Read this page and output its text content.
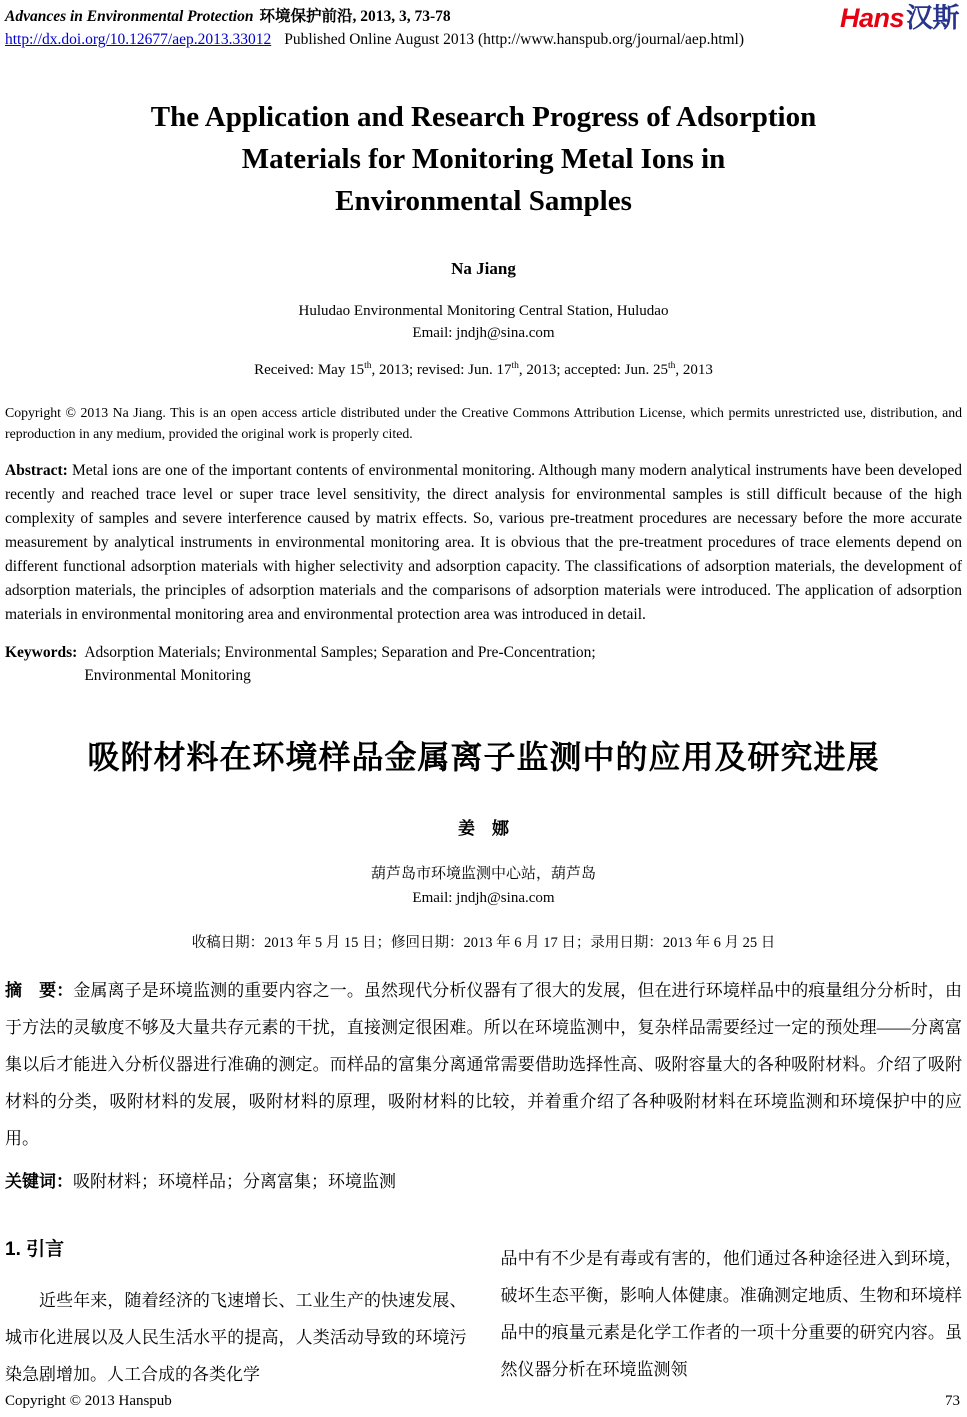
Advances in Environmental Protection 环境保护前沿, 2013, 3, 73-78
http://dx.doi.org/10.12677/aep.2013.33012 Published Online August 2013 (http://www.hanspub.org/journal/aep.html)
Hans汉斯
The Application and Research Progress of Adsorption
Materials for Monitoring Metal Ions in
Environmental Samples
Na Jiang
Huludao Environmental Monitoring Central Station, Huludao
Email: jndjh@sina.com
Received: May 15th, 2013; revised: Jun. 17th, 2013; accepted: Jun. 25th, 2013
Copyright © 2013 Na Jiang. This is an open access article distributed under the Creative Commons Attribution License, which permits unrestricted use, distribution, and reproduction in any medium, provided the original work is properly cited.
Abstract: Metal ions are one of the important contents of environmental monitoring. Although many modern analytical instruments have been developed recently and reached trace level or super trace level sensitivity, the direct analysis for environmental samples is still difficult because of the high complexity of samples and severe interference caused by matrix effects. So, various pre-treatment procedures are necessary before the more accurate measurement by analytical instruments in environmental monitoring area. It is obvious that the pre-treatment procedures of trace elements depend on different functional adsorption materials with higher selectivity and adsorption capacity. The classifications of adsorption materials, the development of adsorption materials, the principles of adsorption materials and the comparisons of adsorption materials were introduced. The application of adsorption materials in environmental monitoring area and environmental protection area was introduced in detail.
Keywords: Adsorption Materials; Environmental Samples; Separation and Pre-Concentration;
Environmental Monitoring
吸附材料在环境样品金属离子监测中的应用及研究进展
姜　娜
葫芦岛市环境监测中心站，葫芦岛
Email: jndjh@sina.com
收稿日期：2013 年 5 月 15 日；修回日期：2013 年 6 月 17 日；录用日期：2013 年 6 月 25 日
摘　要：金属离子是环境监测的重要内容之一。虽然现代分析仪器有了很大的发展，但在进行环境样品中的痕量组分分析时，由于方法的灵敏度不够及大量共存元素的干扰，直接测定很困难。所以在环境监测中，复杂样品需要经过一定的预处理——分离富集以后才能进入分析仪器进行准确的测定。而样品的富集分离通常需要借助选择性高、吸附容量大的各种吸附材料。介绍了吸附材料的分类，吸附材料的发展，吸附材料的原理，吸附材料的比较，并着重介绍了各种吸附材料在环境监测和环境保护中的应用。
关键词：吸附材料；环境样品；分离富集；环境监测
1. 引言

近些年来，随着经济的飞速增长、工业生产的快速发展、城市化进展以及人民生活水平的提高，人类活动导致的环境污染急剧增加。人工合成的各类化学

品中有不少是有毒或有害的，他们通过各种途径进入到环境，破坏生态平衡，影响人体健康。准确测定地质、生物和环境样品中的痕量元素是化学工作者的一项十分重要的研究内容。虽然仪器分析在环境监测领

Copyright © 2013 Hanspub	73
